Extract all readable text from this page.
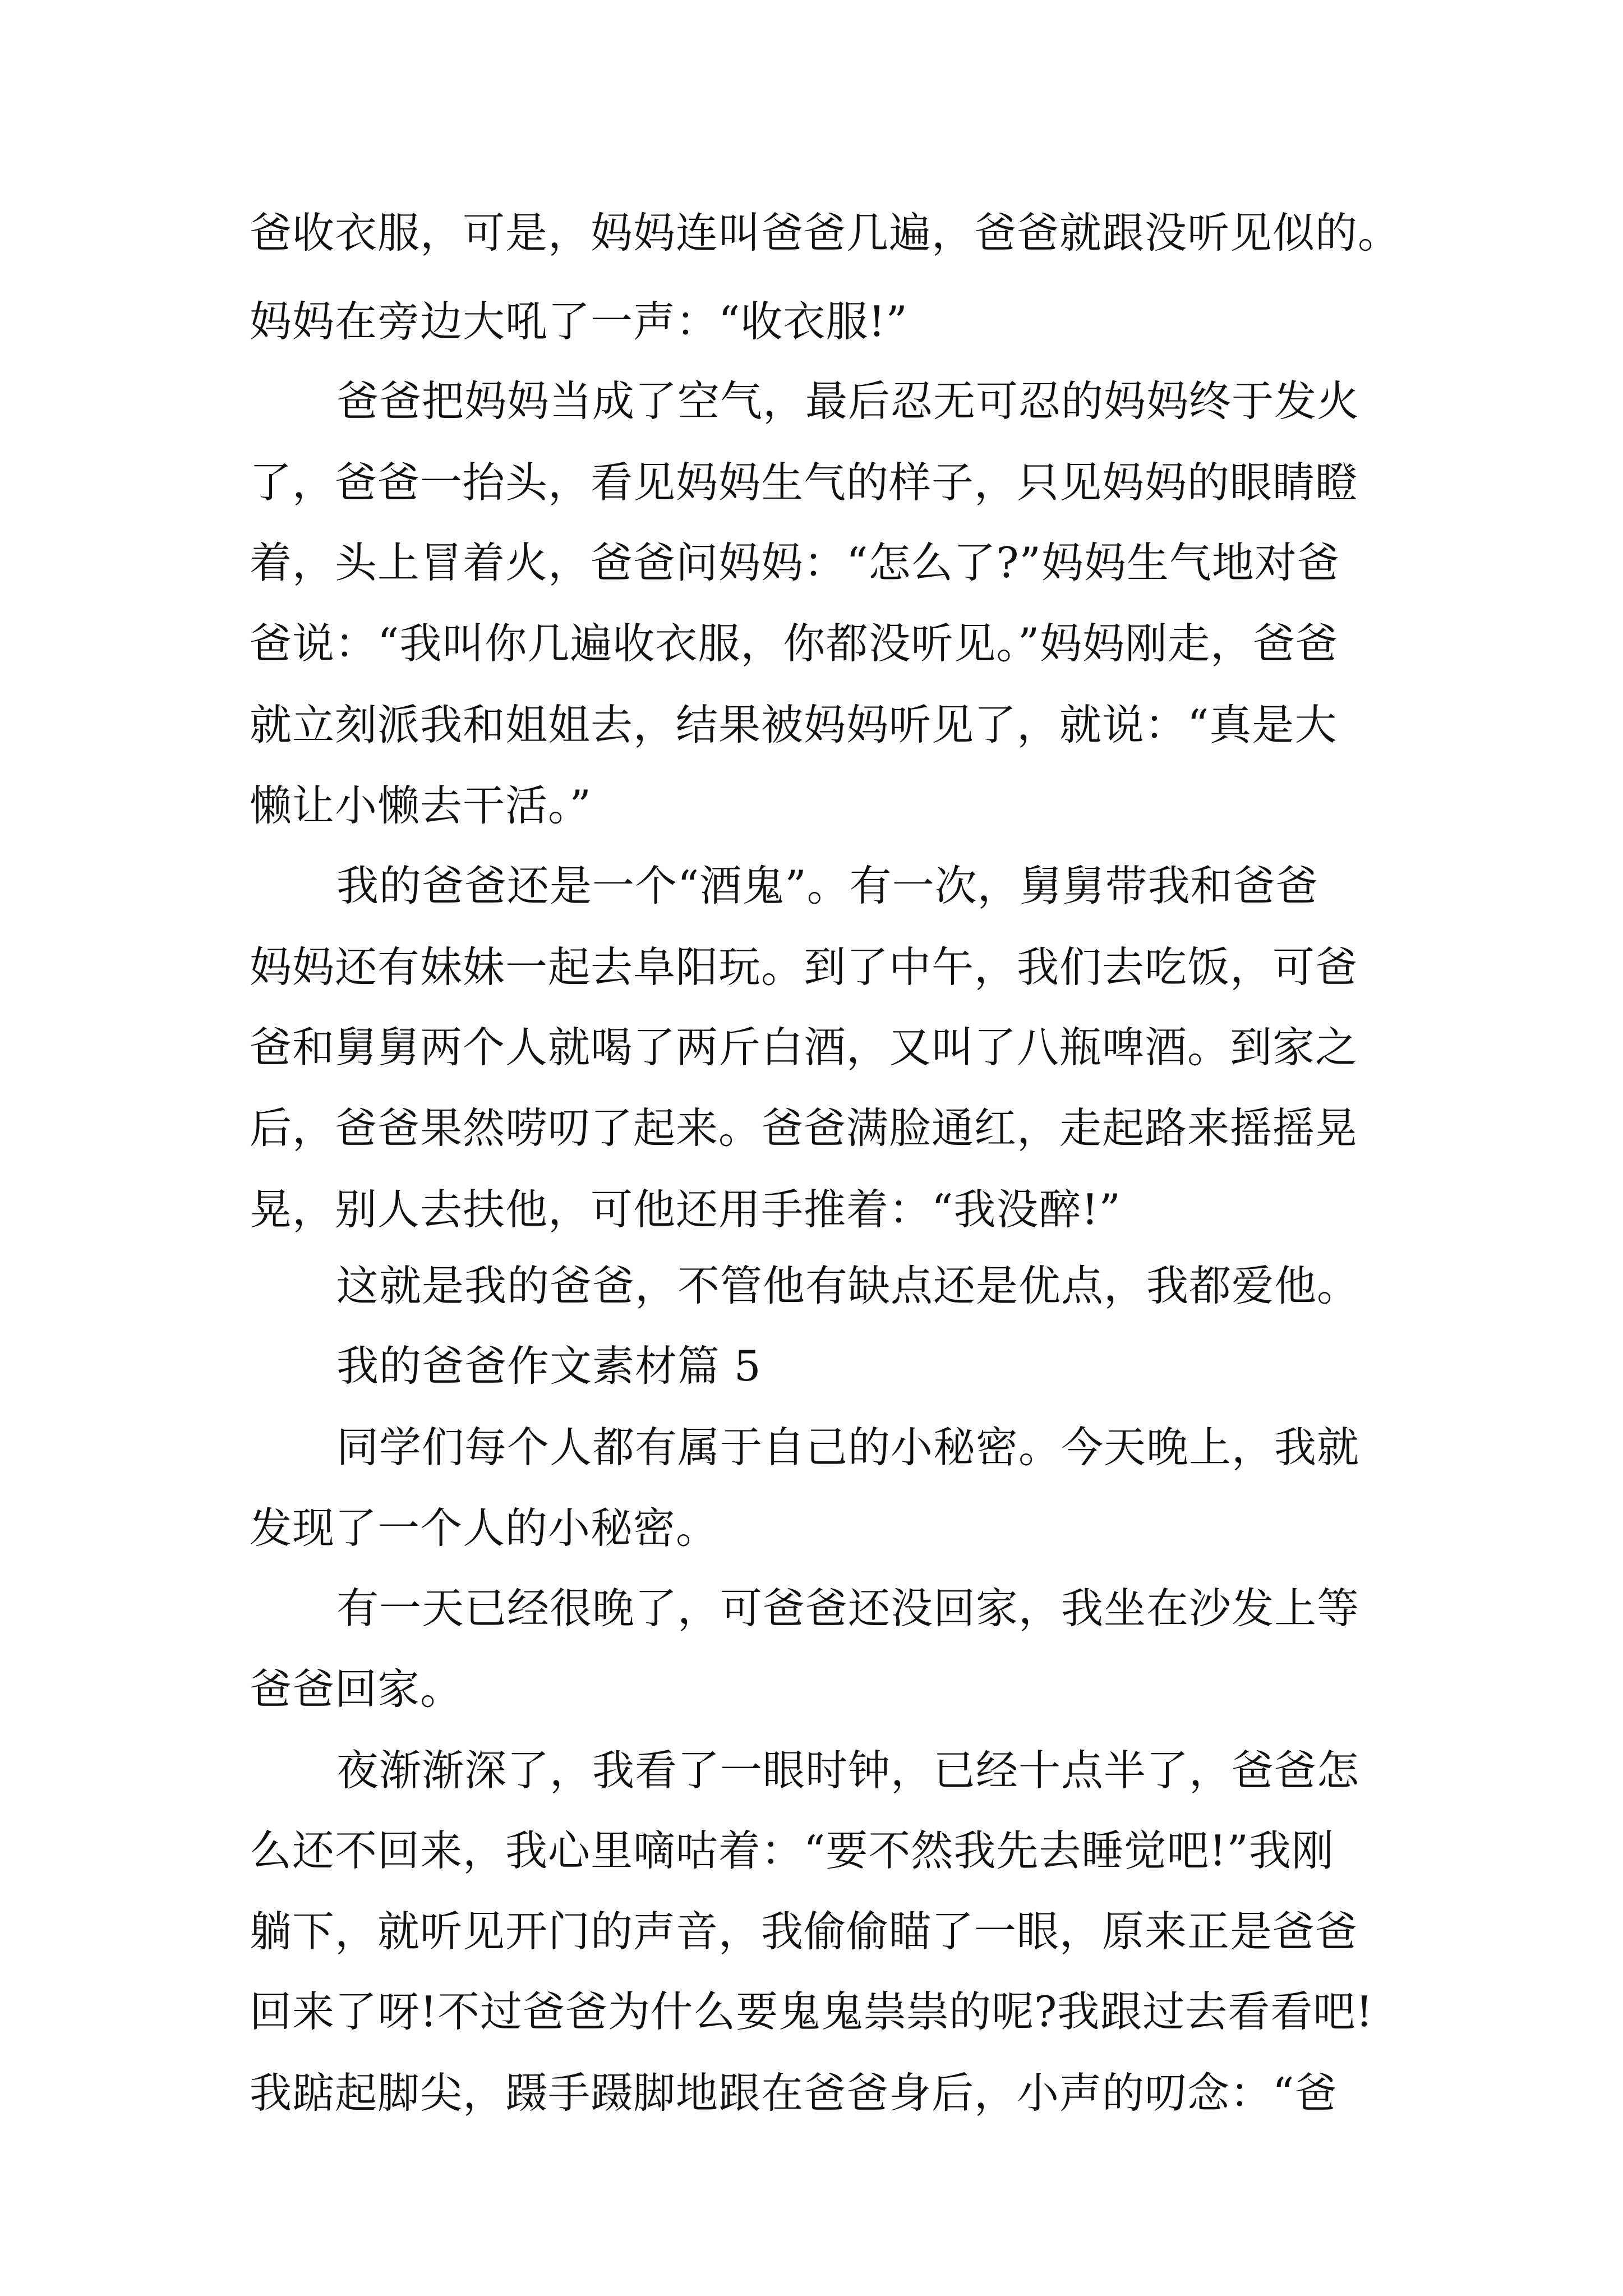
爸收衣服，可是，妈妈连叫爸爸几遍，爸爸就跟没听见似的。

妈妈在旁边大吼了一声：“收衣服!”

爸爸把妈妈当成了空气，最后忍无可忍的妈妈终于发火

了，爸爸一抬头，看见妈妈生气的样子，只见妈妈的眼睛瞪

着，头上冒着火，爸爸问妈妈：“怎么了?”妈妈生气地对爸

爸说：“我叫你几遍收衣服，你都没听见。”妈妈刚走，爸爸

就立刻派我和姐姐去，结果被妈妈听见了，就说：“真是大

懒让小懒去干活。”

我的爸爸还是一个“酒鬼”。有一次，舅舅带我和爸爸

妈妈还有妹妹一起去阜阳玩。到了中午，我们去吃饭，可爸

爸和舅舅两个人就喝了两斤白酒，又叫了八瓶啤酒。到家之

后，爸爸果然唠叨了起来。爸爸满脸通红，走起路来摇摇晃

晃，别人去扶他，可他还用手推着：“我没醉!”

这就是我的爸爸，不管他有缺点还是优点，我都爱他。

我的爸爸作文素材篇 5

同学们每个人都有属于自己的小秘密。今天晚上，我就

发现了一个人的小秘密。

有一天已经很晚了，可爸爸还没回家，我坐在沙发上等

爸爸回家。

夜渐渐深了，我看了一眼时钟，已经十点半了，爸爸怎

么还不回来，我心里嘀咕着：“要不然我先去睡觉吧!”我刚

躺下，就听见开门的声音，我偷偷瞄了一眼，原来正是爸爸

回来了呀!不过爸爸为什么要鬼鬼祟祟的呢?我跟过去看看吧!

我踮起脚尖，蹑手蹑脚地跟在爸爸身后，小声的叨念：“爸
